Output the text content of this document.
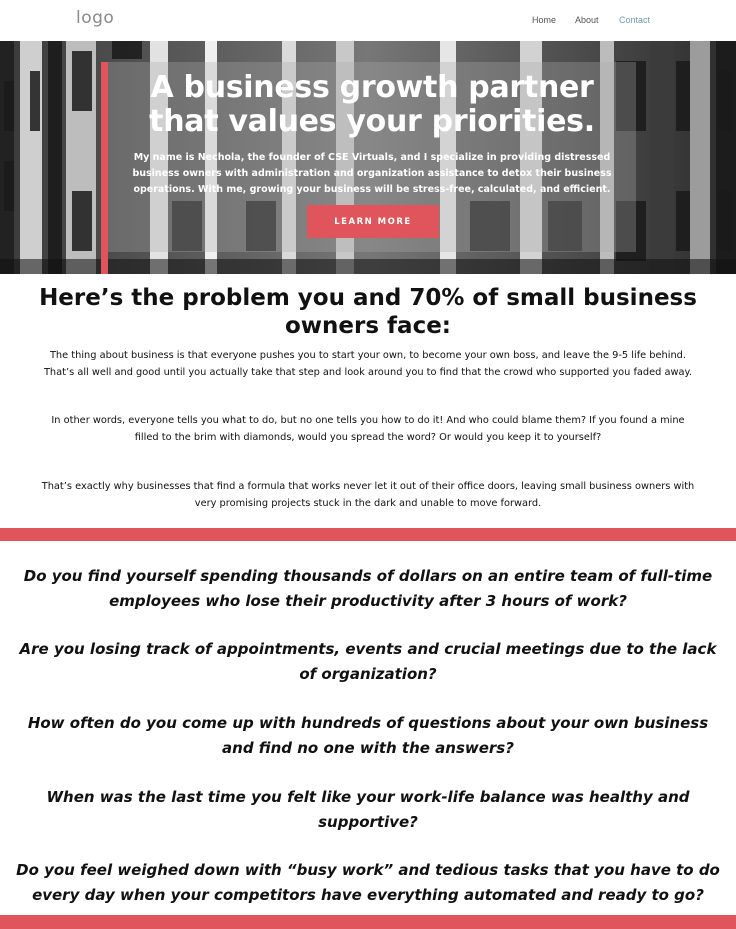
logo	Home About Contact
A business growth partner
that values your priorities.

My name is Nechola, the founder of CSE Virtuals, and I specialize in providing distressed business owners with administration and organization assistance to detox their business operations. With me, growing your business will be stress-free, calculated, and efficient.

LEARN MORE
Here’s the problem you and 70% of small business owners face:

The thing about business is that everyone pushes you to start your own, to become your own boss, and leave the 9-5 life behind. That’s all well and good until you actually take that step and look around you to find that the crowd who supported you faded away.

In other words, everyone tells you what to do, but no one tells you how to do it! And who could blame them? If you found a mine filled to the brim with diamonds, would you spread the word? Or would you keep it to yourself?

That’s exactly why businesses that find a formula that works never let it out of their office doors, leaving small business owners with very promising projects stuck in the dark and unable to move forward.

Do you find yourself spending thousands of dollars on an entire team of full-time employees who lose their productivity after 3 hours of work?

Are you losing track of appointments, events and crucial meetings due to the lack of organization?

How often do you come up with hundreds of questions about your own business and find no one with the answers?

When was the last time you felt like your work-life balance was healthy and supportive?

Do you feel weighed down with “busy work” and tedious tasks that you have to do every day when your competitors have everything automated and ready to go?
